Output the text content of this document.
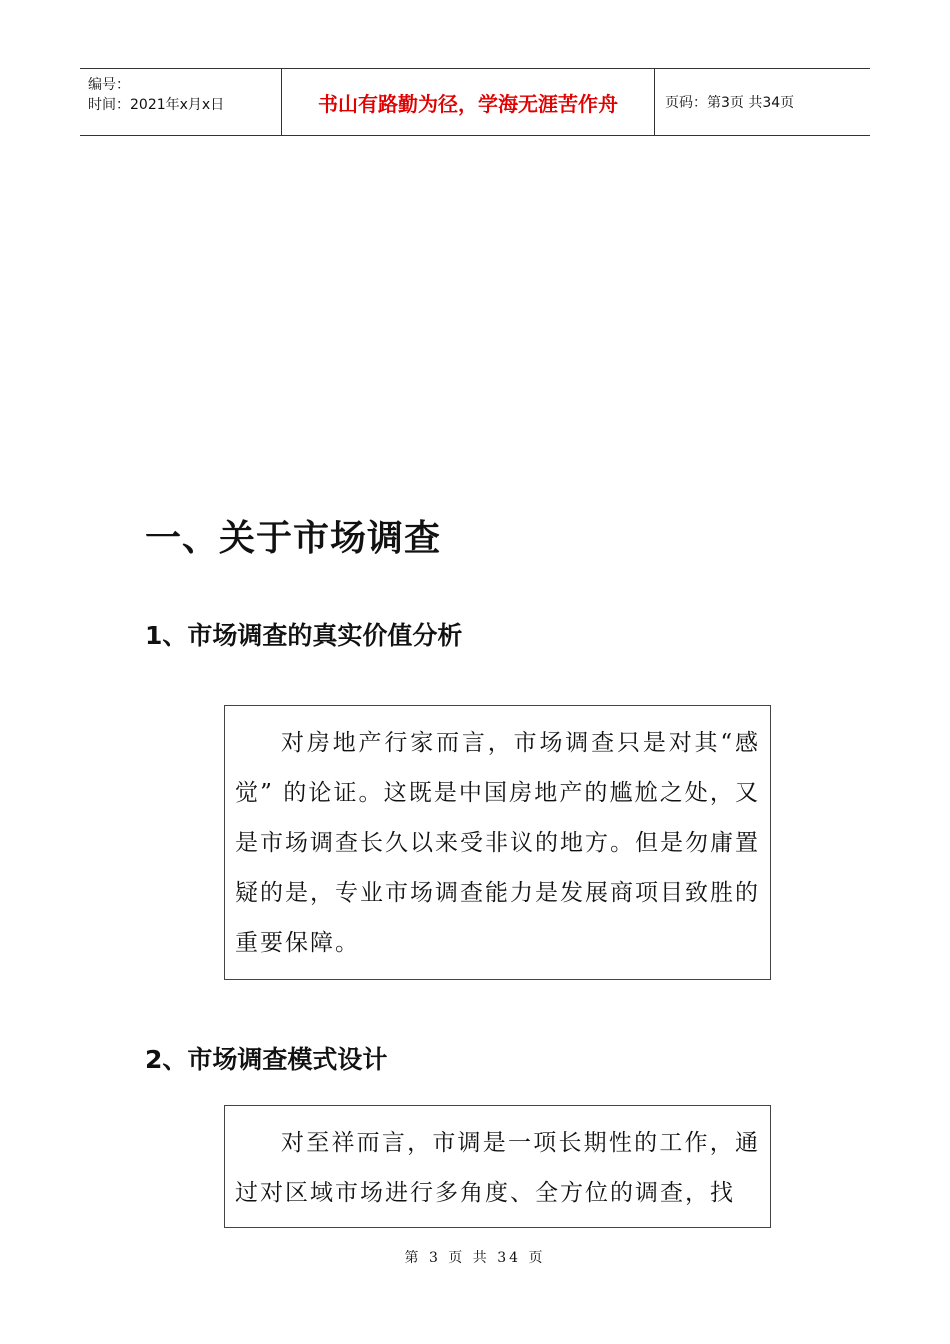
编号：
时间：2021年x月x日	书山有路勤为径，学海无涯苦作舟	页码：第3页 共34页
一、关于市场调查
1、市场调查的真实价值分析

对房地产行家而言，市场调查只是对其“感觉” 的论证。这既是中国房地产的尴尬之处，又是市场调查长久以来受非议的地方。但是勿庸置疑的是，专业市场调查能力是发展商项目致胜的重要保障。

2、市场调查模式设计

对至祥而言，市调是一项长期性的工作，通过对区域市场进行多角度、全方位的调查，找

第 3 页 共 34 页
